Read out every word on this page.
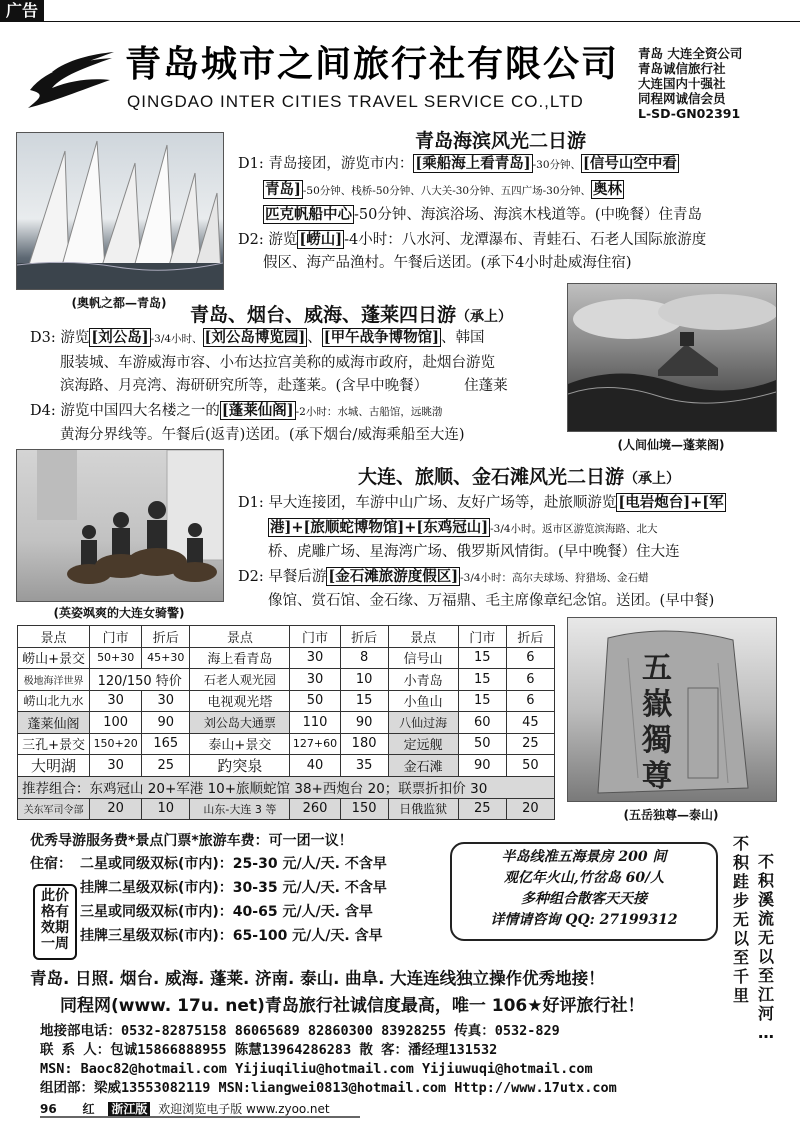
广告
青岛城市之间旅行社有限公司
QINGDAO INTER CITIES TRAVEL SERVICE CO.,LTD
青岛 大连全资公司
青岛诚信旅行社
大连国内十强社
同程网诚信会员
L-SD-GN02391
(奥帆之都—青岛)
青岛海滨风光二日游
D1: 青岛接团，游览市内： [乘船海上看青岛] -30分钟、 [信号山空中看
青岛] -50分钟、栈桥-50分钟、八大关-30分钟、五四广场-30分钟、 奥林
匹克帆船中心 -50分钟、海滨浴场、海滨木栈道等。(中晚餐）住青岛
D2: 游览 [崂山] -4小时：八水河、龙潭瀑布、青蛙石、石老人国际旅游度
假区、海产品渔村。午餐后送团。(承下4小时赴威海住宿)
青岛、烟台、威海、蓬莱四日游（承上）
D3: 游览 [刘公岛] -3/4小时、 [刘公岛博览园] 、 [甲午战争博物馆] 、韩国
服装城、车游威海市容、小布达拉宫美称的威海市政府，赴烟台游览
滨海路、月亮湾、海研研究所等，赴蓬莱。(含早中晚餐） 住蓬莱
D4: 游览中国四大名楼之一的 [蓬莱仙阁] -2小时：水城、古船馆，远眺渤
黄海分界线等。午餐后(返青)送团。(承下烟台/威海乘船至大连)
(人间仙境—蓬莱阁)
(英姿飒爽的大连女骑警)
大连、旅顺、金石滩风光二日游（承上）
D1: 早大连接团，车游中山广场、友好广场等，赴旅顺游览 [电岩炮台]+[军
港]+[旅顺蛇博物馆]+[东鸡冠山] -3/4小时。返市区游览滨海路、北大
桥、虎雕广场、星海湾广场、俄罗斯风情街。(早中晚餐）住大连
D2: 早餐后游 [金石滩旅游度假区] -3/4小时：高尔夫球场、狩猎场、金石蜡
像馆、赏石馆、金石缘、万福鼎、毛主席像章纪念馆。送团。(早中餐)
景点	门市	折后	景点	门市	折后	景点	门市	折后
崂山+景交	50+30	45+30	海上看青岛	30	8	信号山	15	6
极地海洋世界	120/150 特价		石老人观光园	30	10	小青岛	15	6
崂山北九水	30	30	电视观光塔	50	15	小鱼山	15	6
蓬莱仙阁	100	90	刘公岛大通票	110	90	八仙过海	60	45
三孔+景交	150+20	165	泰山+景交	127+60	180	定远舰	50	25
大明湖	30	25	趵突泉	40	35	金石滩	90	50
推荐组合：东鸡冠山 20+军港 10+旅顺蛇馆 38+西炮台 20；联票折扣价 30								
关东军司令部	20	10	山东-大连 3 等	260	150	日俄监狱	25	20
五
嶽
獨
尊
(五岳独尊—泰山)
优秀导游服务费*景点门票*旅游车费：可一团一议！
住宿： 二星或同级双标(市内)：25-30 元/人/天. 不含早
挂牌二星级双标(市内)：30-35 元/人/天. 不含早
三星或同级双标(市内)：40-65 元/人/天. 含早
挂牌三星级双标(市内)：65-100 元/人/天. 含早
此价
格有
效期
一周
半岛线准五海景房 200 间
观亿年火山,竹岔岛 60/人
多种组合散客天天接
详情请咨询 QQ: 27199312
不
积
跬
步
无
以
至
千
里
不
积
溪
流
无
以
至
江
河
…
青岛. 日照. 烟台. 威海. 蓬莱. 济南. 泰山. 曲阜. 大连连线独立操作优秀地接！
同程网(www. 17u. net)青岛旅行社诚信度最高，唯一 106★好评旅行社！
地接部电话：0532-82875158 86065689 82860300 83928255 传真：0532-829
联 系 人：包诚15866888955 陈慧13964286283 散 客：潘经理131532
MSN: Baoc82@hotmail.com Yijiuqiliu@hotmail.com Yijiuwuqi@hotmail.com
组团部：梁威13553082119 MSN:liangwei0813@hotmail.com Http://www.17utx.com
96 红 浙江版 欢迎浏览电子版 www.zyoo.net
